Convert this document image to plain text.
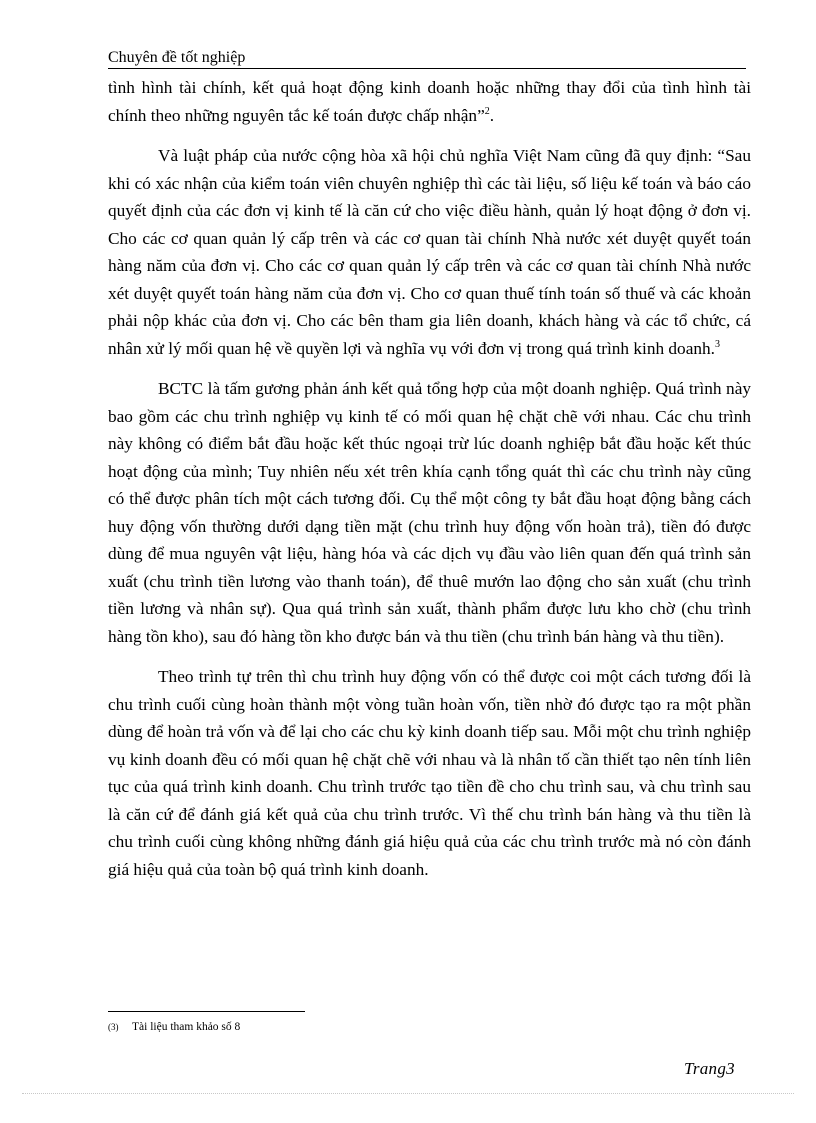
Chuyên đề tốt nghiệp

tình hình tài chính, kết quả hoạt động kinh doanh hoặc những thay đổi của tình hình tài chính theo những nguyên tắc kế toán được chấp nhận”$^2$.

Và luật pháp của nước cộng hòa xã hội chủ nghĩa Việt Nam cũng đã quy định: “Sau khi có xác nhận của kiểm toán viên chuyên nghiệp thì các tài liệu, số liệu kế toán và báo cáo quyết định của các đơn vị kinh tế là căn cứ cho việc điều hành, quản lý hoạt động ở đơn vị. Cho các cơ quan quản lý cấp trên và các cơ quan tài chính Nhà nước xét duyệt quyết toán hàng năm của đơn vị. Cho các cơ quan quản lý cấp trên và các cơ quan tài chính Nhà nước xét duyệt quyết toán hàng năm của đơn vị. Cho cơ quan thuế tính toán số thuế và các khoản phải nộp khác của đơn vị. Cho các bên tham gia liên doanh, khách hàng và các tổ chức, cá nhân xử lý mối quan hệ về quyền lợi và nghĩa vụ với đơn vị trong quá trình kinh doanh.$^3$

BCTC là tấm gương phản ánh kết quả tổng hợp của một doanh nghiệp. Quá trình này bao gồm các chu trình nghiệp vụ kinh tế có mối quan hệ chặt chẽ với nhau. Các chu trình này không có điểm bắt đầu hoặc kết thúc ngoại trừ lúc doanh nghiệp bắt đầu hoặc kết thúc hoạt động của mình; Tuy nhiên nếu xét trên khía cạnh tổng quát thì các chu trình này cũng có thể được phân tích một cách tương đối. Cụ thể một công ty bắt đầu hoạt động bằng cách huy động vốn thường dưới dạng tiền mặt (chu trình huy động vốn hoàn trả), tiền đó được dùng để mua nguyên vật liệu, hàng hóa và các dịch vụ đầu vào liên quan đến quá trình sản xuất (chu trình tiền lương vào thanh toán), để thuê mướn lao động cho sản xuất (chu trình tiền lương và nhân sự). Qua quá trình sản xuất, thành phẩm được lưu kho chờ (chu trình hàng tồn kho), sau đó hàng tồn kho được bán và thu tiền (chu trình bán hàng và thu tiền).

Theo trình tự trên thì chu trình huy động vốn có thể được coi một cách tương đối là chu trình cuối cùng hoàn thành một vòng tuần hoàn vốn, tiền nhờ đó được tạo ra một phần dùng để hoàn trả vốn và để lại cho các chu kỳ kinh doanh tiếp sau. Mỗi một chu trình nghiệp vụ kinh doanh đều có mối quan hệ chặt chẽ với nhau và là nhân tố cần thiết tạo nên tính liên tục của quá trình kinh doanh. Chu trình trước tạo tiền đề cho chu trình sau, và chu trình sau là căn cứ để đánh giá kết quả của chu trình trước. Vì thế chu trình bán hàng và thu tiền là chu trình cuối cùng không những đánh giá hiệu quả của các chu trình trước mà nó còn đánh giá hiệu quả của toàn bộ quá trình kinh doanh.

(3) Tài liệu tham khảo số 8
Trang3
